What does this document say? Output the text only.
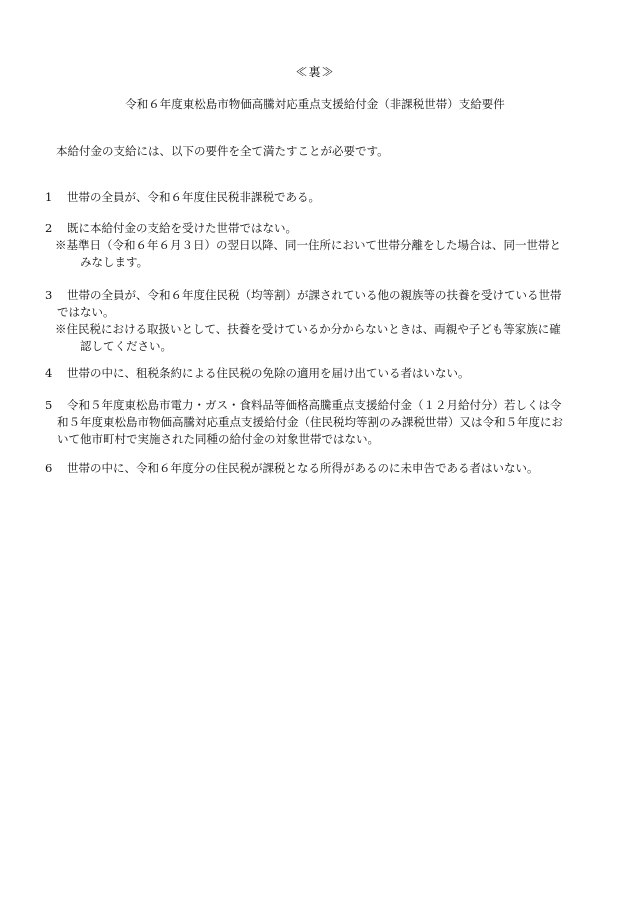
≪裏≫
令和６年度東松島市物価高騰対応重点支援給付金（非課税世帯）支給要件
本給付金の支給には、以下の要件を全て満たすことが必要です。
1	世帯の全員が、令和６年度住民税非課税である。
2	既に本給付金の支給を受けた世帯ではない。
※基準日（令和６年６月３日）の翌日以降、同一住所において世帯分離をした場合は、同一世帯と
みなします。
3	世帯の全員が、令和６年度住民税（均等割）が課されている他の親族等の扶養を受けている世帯
ではない。
※住民税における取扱いとして、扶養を受けているか分からないときは、両親や子ども等家族に確
認してください。
4	世帯の中に、租税条約による住民税の免除の適用を届け出ている者はいない。
5	令和５年度東松島市電力・ガス・食料品等価格高騰重点支援給付金（１２月給付分）若しくは令
和５年度東松島市物価高騰対応重点支援給付金（住民税均等割のみ課税世帯）又は令和５年度にお
いて他市町村で実施された同種の給付金の対象世帯ではない。
6	世帯の中に、令和６年度分の住民税が課税となる所得があるのに未申告である者はいない。
